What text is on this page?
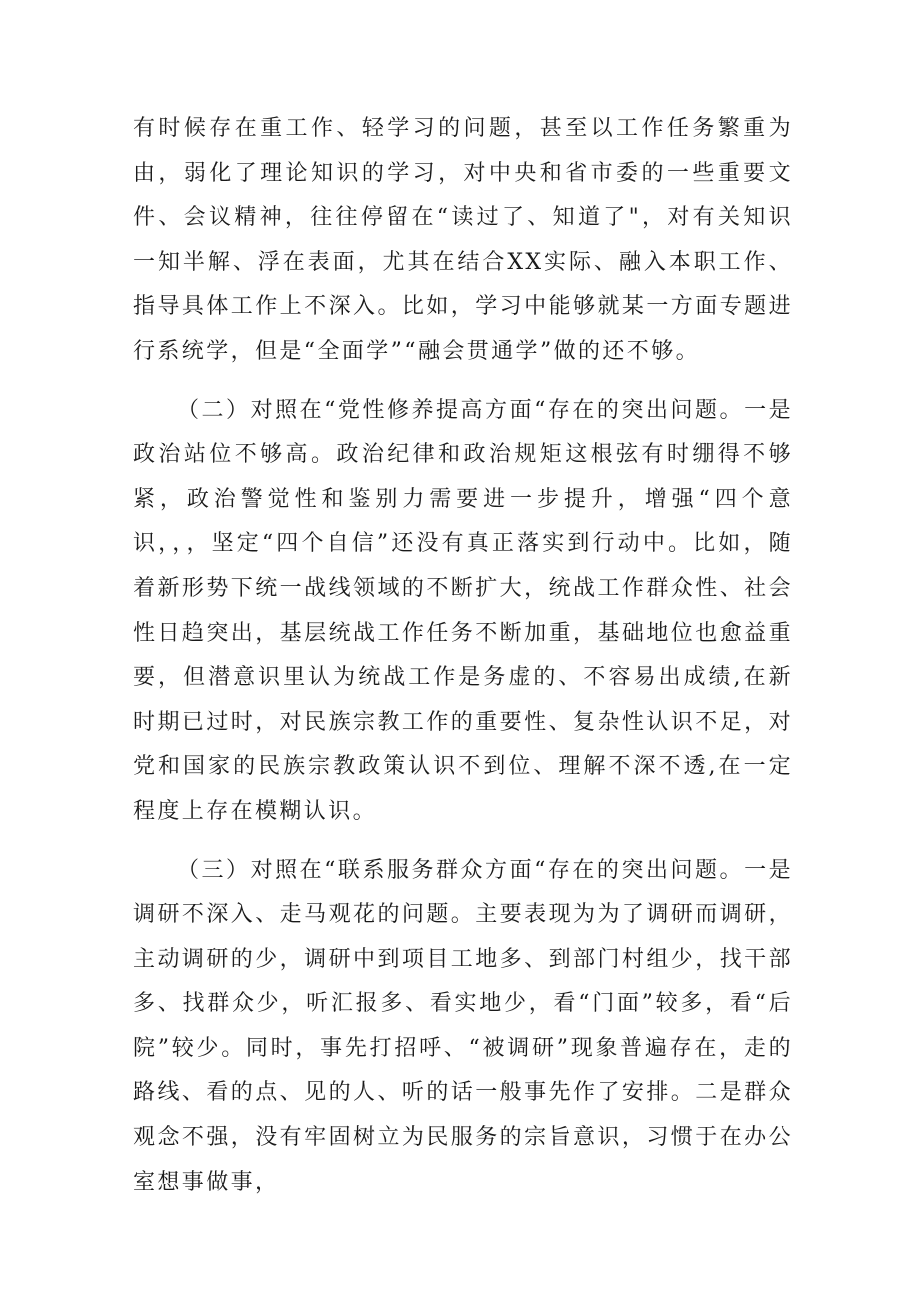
有时候存在重工作、轻学习的问题，甚至以工作任务繁重为由，弱化了理论知识的学习，对中央和省市委的一些重要文件、会议精神，往往停留在“读过了、知道了"，对有关知识一知半解、浮在表面，尤其在结合XX实际、融入本职工作、指导具体工作上不深入。比如，学习中能够就某一方面专题进行系统学，但是“全面学”“融会贯通学”做的还不够。

（二）对照在“党性修养提高方面“存在的突出问题。一是政治站位不够高。政治纪律和政治规矩这根弦有时绷得不够紧，政治警觉性和鉴别力需要进一步提升，增强“四个意识，，，坚定“四个自信”还没有真正落实到行动中。比如，随着新形势下统一战线领域的不断扩大，统战工作群众性、社会性日趋突出，基层统战工作任务不断加重，基础地位也愈益重要，但潜意识里认为统战工作是务虚的、不容易出成绩,在新时期已过时，对民族宗教工作的重要性、复杂性认识不足，对党和国家的民族宗教政策认识不到位、理解不深不透,在一定程度上存在模糊认识。

（三）对照在“联系服务群众方面“存在的突出问题。一是调研不深入、走马观花的问题。主要表现为为了调研而调研，主动调研的少，调研中到项目工地多、到部门村组少，找干部多、找群众少，听汇报多、看实地少，看“门面”较多，看“后院”较少。同时，事先打招呼、“被调研”现象普遍存在，走的路线、看的点、见的人、听的话一般事先作了安排。二是群众观念不强，没有牢固树立为民服务的宗旨意识，习惯于在办公室想事做事，
